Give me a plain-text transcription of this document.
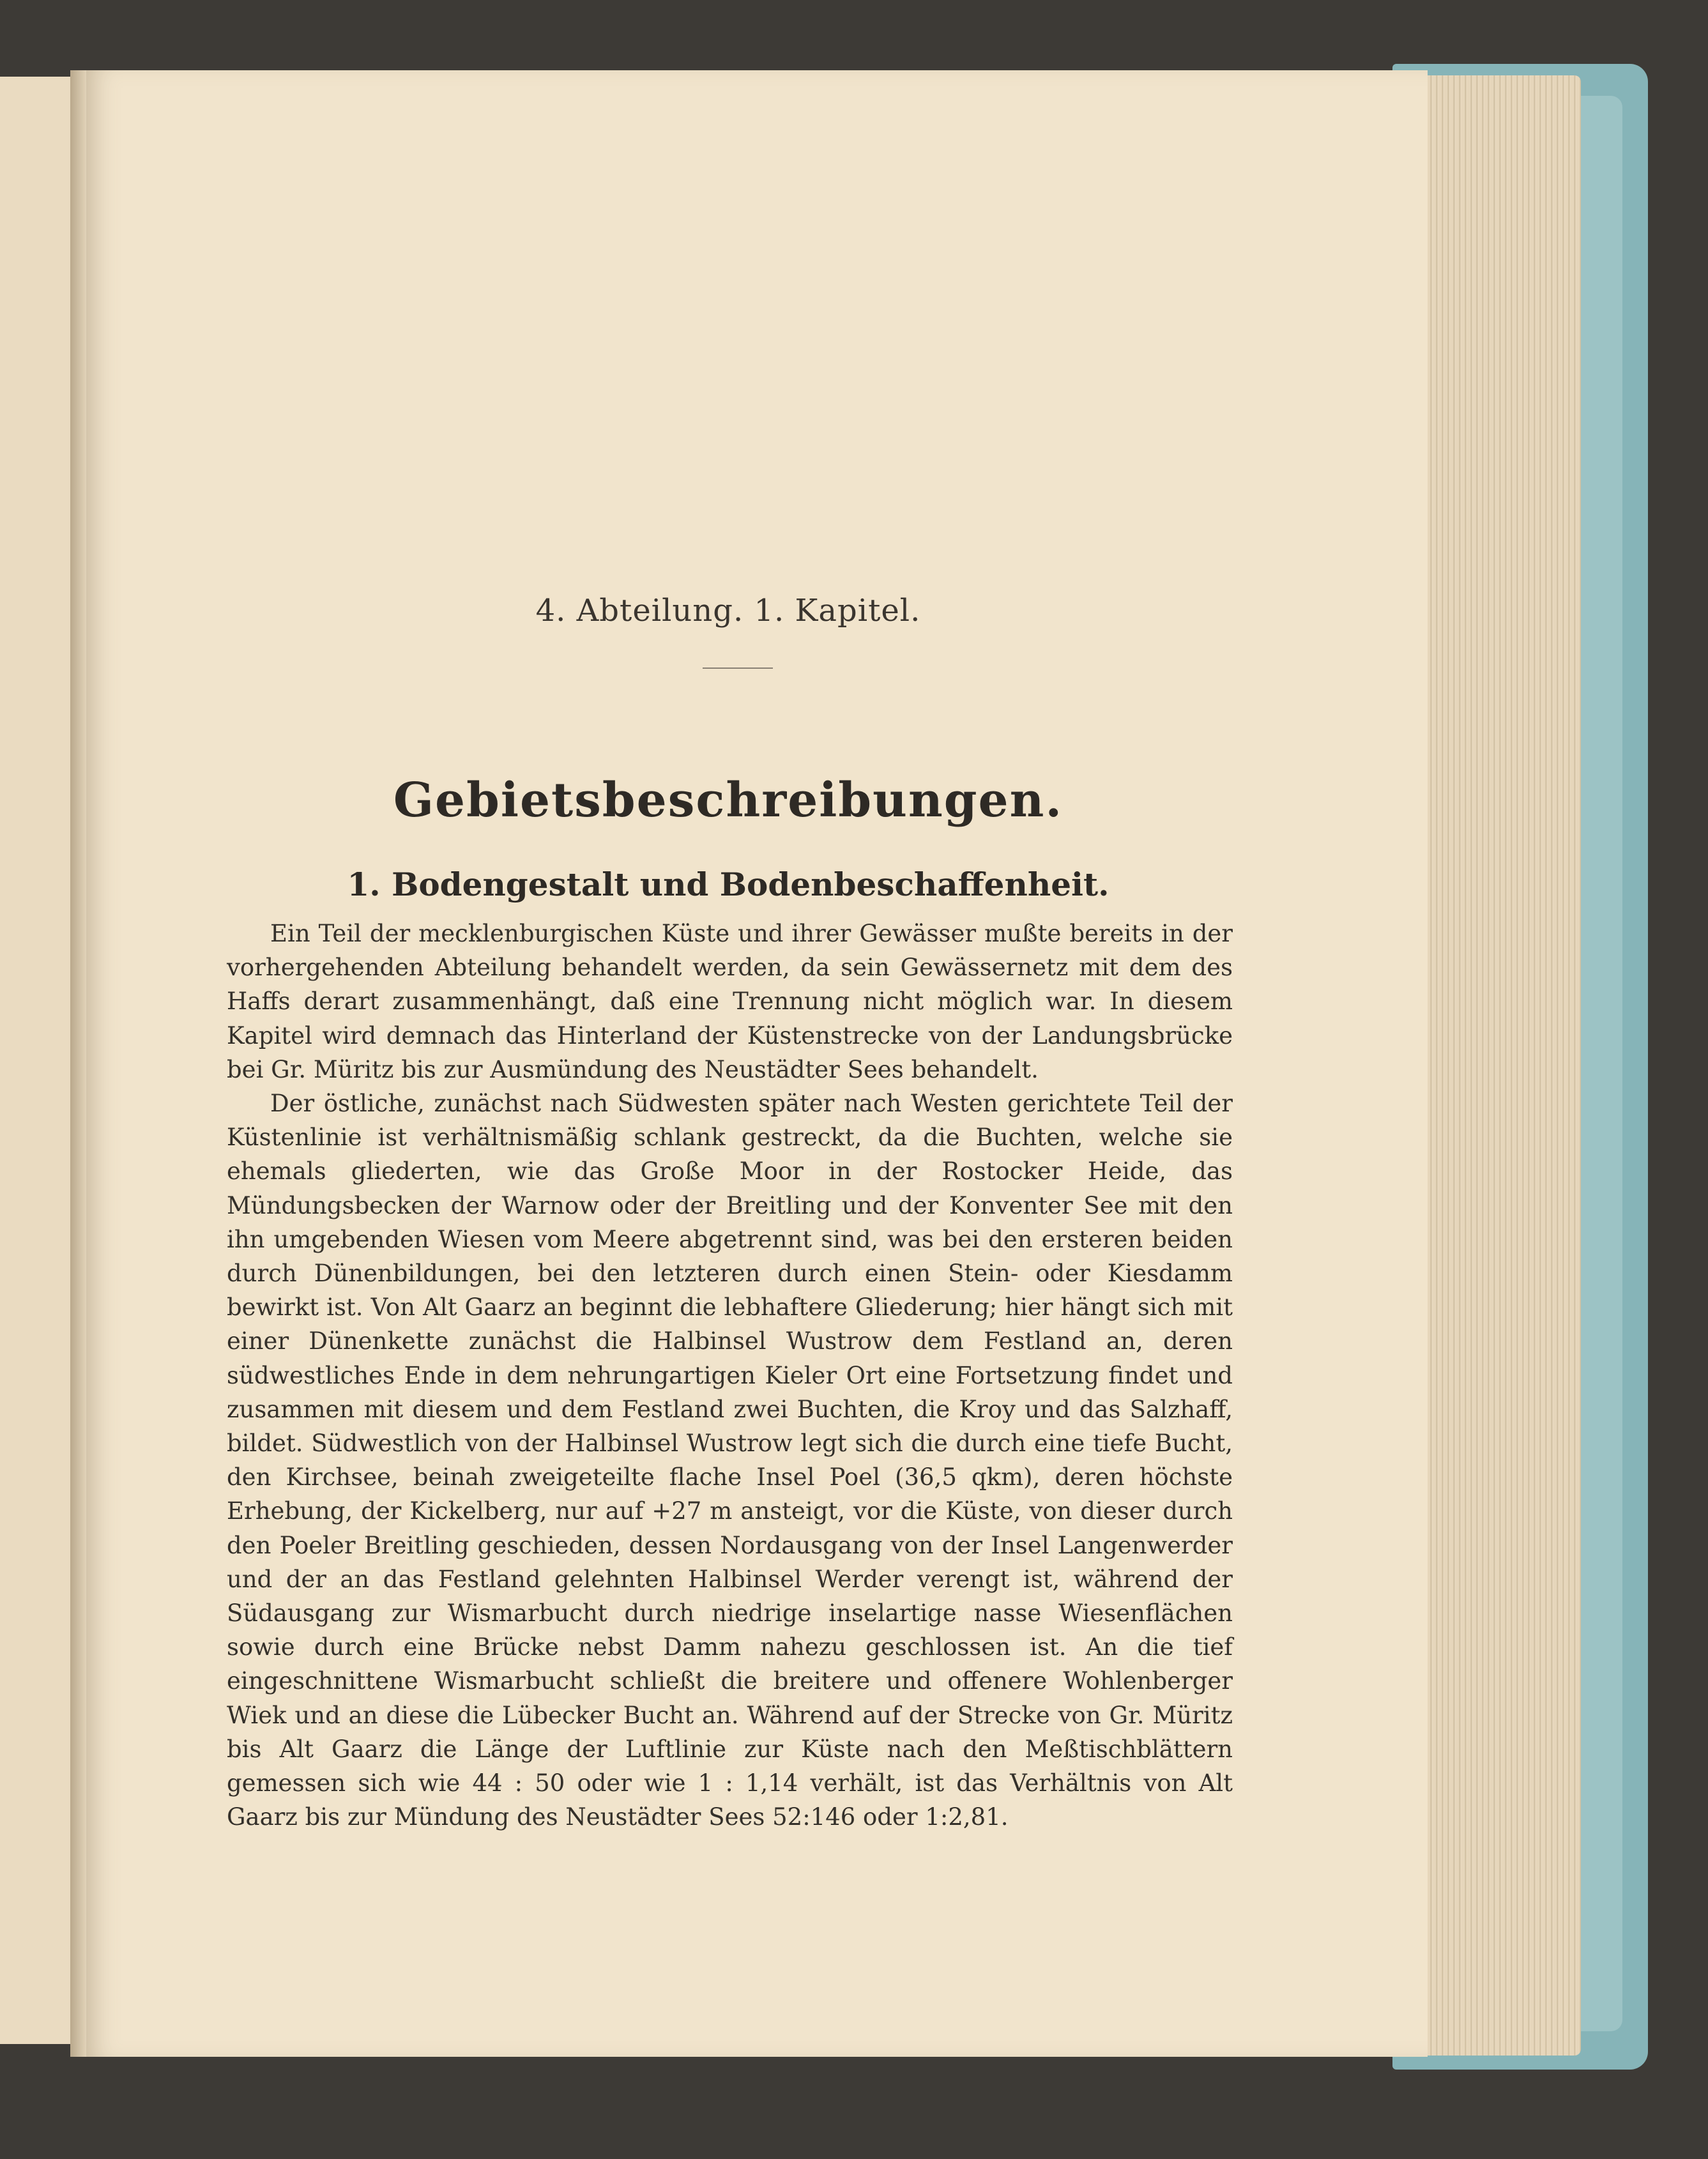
4. Abteilung. 1. Kapitel.
Gebietsbeschreibungen.
1. Bodengestalt und Bodenbeschaffenheit.

Ein Teil der mecklenburgischen Küste und ihrer Gewässer mußte bereits in der vorhergehenden Abteilung behandelt werden, da sein Gewässernetz mit dem des Haffs derart zusammenhängt, daß eine Trennung nicht möglich war. In diesem Kapitel wird demnach das Hinterland der Küstenstrecke von der Landungsbrücke bei Gr. Müritz bis zur Ausmündung des Neustädter Sees behandelt.

Der östliche, zunächst nach Südwesten später nach Westen gerichtete Teil der Küstenlinie ist verhältnismäßig schlank gestreckt, da die Buchten, welche sie ehemals gliederten, wie das Große Moor in der Rostocker Heide, das Mündungsbecken der Warnow oder der Breitling und der Konventer See mit den ihn umgebenden Wiesen vom Meere abgetrennt sind, was bei den ersteren beiden durch Dünenbildungen, bei den letzteren durch einen Stein- oder Kiesdamm bewirkt ist. Von Alt Gaarz an beginnt die lebhaftere Gliederung; hier hängt sich mit einer Dünenkette zunächst die Halbinsel Wustrow dem Festland an, deren südwestliches Ende in dem nehrungartigen Kieler Ort eine Fortsetzung findet und zusammen mit diesem und dem Festland zwei Buchten, die Kroy und das Salzhaff, bildet. Südwestlich von der Halbinsel Wustrow legt sich die durch eine tiefe Bucht, den Kirchsee, beinah zweigeteilte flache Insel Poel (36,5 qkm), deren höchste Erhebung, der Kickelberg, nur auf +27 m ansteigt, vor die Küste, von dieser durch den Poeler Breitling geschieden, dessen Nordausgang von der Insel Langenwerder und der an das Festland gelehnten Halbinsel Werder verengt ist, während der Südausgang zur Wismarbucht durch niedrige inselartige nasse Wiesenflächen sowie durch eine Brücke nebst Damm nahezu geschlossen ist. An die tief eingeschnittene Wismarbucht schließt die breitere und offenere Wohlenberger Wiek und an diese die Lübecker Bucht an. Während auf der Strecke von Gr. Müritz bis Alt Gaarz die Länge der Luftlinie zur Küste nach den Meßtischblättern gemessen sich wie 44 : 50 oder wie 1 : 1,14 verhält, ist das Verhältnis von Alt Gaarz bis zur Mündung des Neustädter Sees 52:146 oder 1:2,81.
